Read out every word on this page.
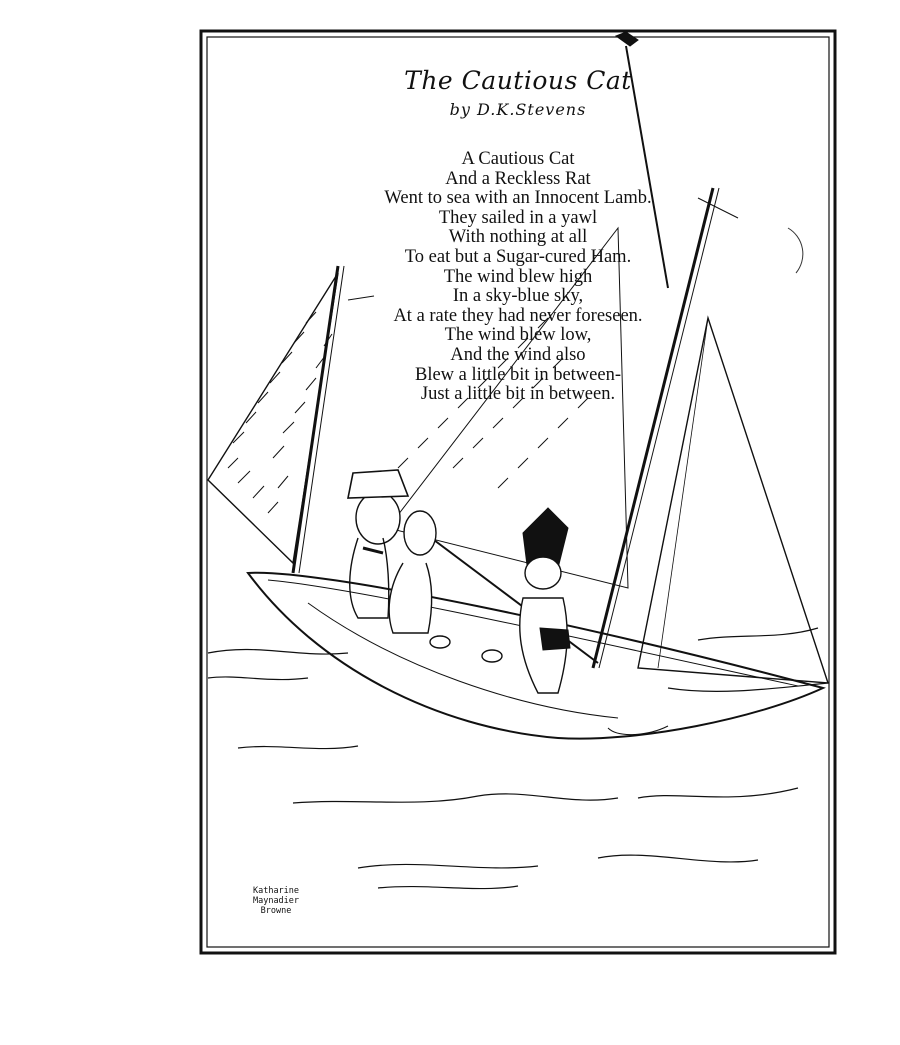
The Cautious Cat
by D.K.Stevens
A Cautious Cat
And a Reckless Rat
Went to sea with an Innocent Lamb.
They sailed in a yawl
With nothing at all
To eat but a Sugar-cured Ham.
The wind blew high
In a sky-blue sky,
At a rate they had never foreseen.
The wind blew low,
And the wind also
Blew a little bit in between-
Just a little bit in between.
Katharine
Maynadier
Browne
